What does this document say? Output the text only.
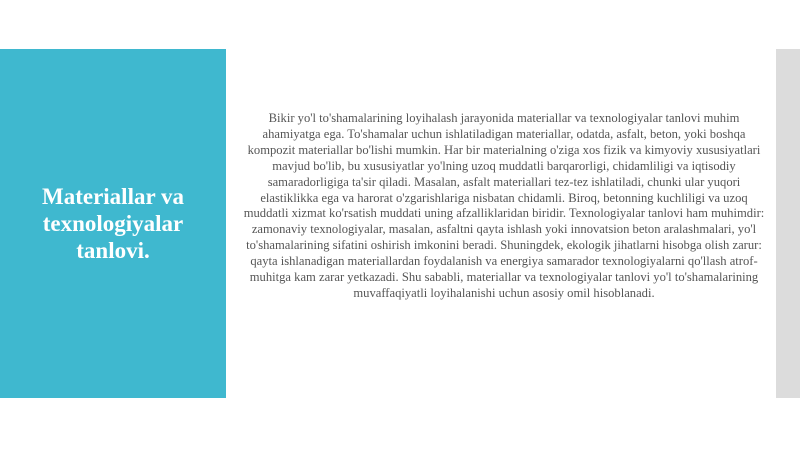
Materiallar va texnologiyalar tanlovi.

Bikir yo'l to'shamalarining loyihalash jarayonida materiallar va texnologiyalar tanlovi muhim ahamiyatga ega. To'shamalar uchun ishlatiladigan materiallar, odatda, asfalt, beton, yoki boshqa kompozit materiallar bo'lishi mumkin. Har bir materialning o'ziga xos fizik va kimyoviy xususiyatlari mavjud bo'lib, bu xususiyatlar yo'lning uzoq muddatli barqarorligi, chidamliligi va iqtisodiy samaradorligiga ta'sir qiladi. Masalan, asfalt materiallari tez-tez ishlatiladi, chunki ular yuqori elastiklikka ega va harorat o'zgarishlariga nisbatan chidamli. Biroq, betonning kuchliligi va uzoq muddatli xizmat ko'rsatish muddati uning afzalliklaridan biridir. Texnologiyalar tanlovi ham muhimdir: zamonaviy texnologiyalar, masalan, asfaltni qayta ishlash yoki innovatsion beton aralashmalari, yo'l to'shamalarining sifatini oshirish imkonini beradi. Shuningdek, ekologik jihatlarni hisobga olish zarur: qayta ishlanadigan materiallardan foydalanish va energiya samarador texnologiyalarni qo'llash atrof-muhitga kam zarar yetkazadi. Shu sababli, materiallar va texnologiyalar tanlovi yo'l to'shamalarining muvaffaqiyatli loyihalanishi uchun asosiy omil hisoblanadi.
